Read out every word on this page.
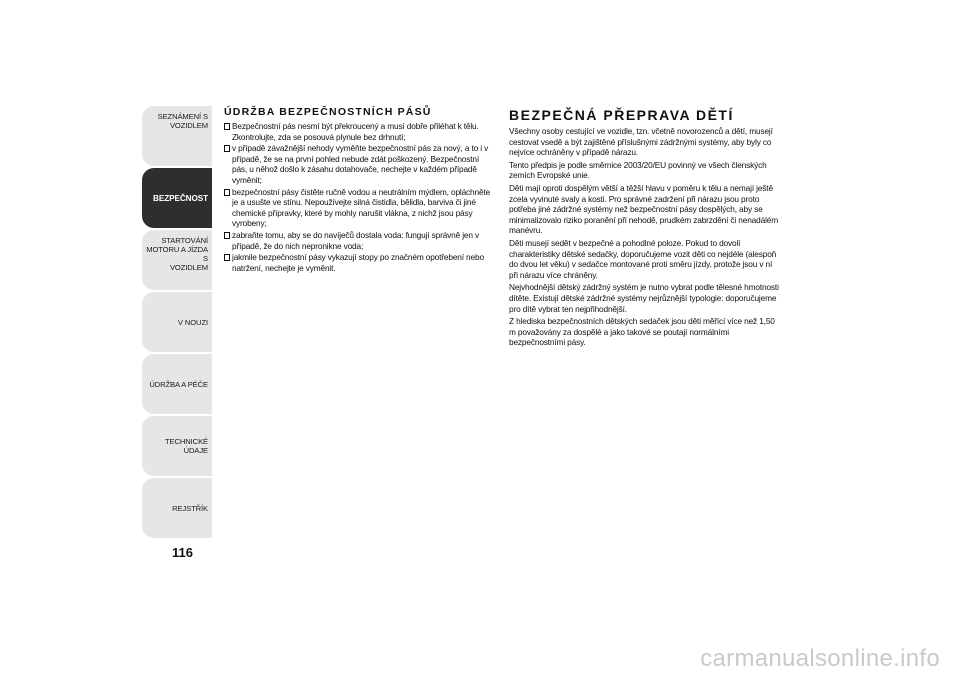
SEZNÁMENÍ S
VOZIDLEM
BEZPEČNOST
STARTOVÁNÍ
MOTORU A JÍZDA S
VOZIDLEM
V NOUZI
ÚDRŽBA A PÉČE
TECHNICKÉ ÚDAJE
REJSTŘÍK
116
ÚDRŽBA BEZPEČNOSTNÍCH PÁSŮ
Bezpečnostní pás nesmí být překroucený a musí dobře přiléhat k tělu. Zkontrolujte, zda se posouvá plynule bez drhnutí;
v případě závažnější nehody vyměňte bezpečnostní pás za nový, a to i v případě, že se na první pohled nebude zdát poškozený. Bezpečnostní pás, u něhož došlo k zásahu dotahovače, nechejte v každém případě vyměnit;
bezpečnostní pásy čistěte ručně vodou a neutrálním mýdlem, opláchněte je a usušte ve stínu. Nepoužívejte silná čistidla, bělidla, barviva či jiné chemické přípravky, které by mohly narušit vlákna, z nichž jsou pásy vyrobeny;
zabraňte tomu, aby se do navíječů dostala voda: fungují správně jen v případě, že do nich nepronikne voda;
jakmile bezpečnostní pásy vykazují stopy po značném opotřebení nebo natržení, nechejte je vyměnit.
BEZPEČNÁ PŘEPRAVA DĚTÍ

Všechny osoby cestující ve vozidle, tzn. včetně novorozenců a dětí, musejí cestovat vsedě a být zajištěné příslušnými zádržnými systémy, aby byly co nejvíce ochráněny v případě nárazu.

Tento předpis je podle směrnice 2003/20/EU povinný ve všech členských zemích Evropské unie.

Děti mají oproti dospělým větší a těžší hlavu v poměru k tělu a nemají ještě zcela vyvinuté svaly a kosti. Pro správné zadržení při nárazu jsou proto potřeba jiné zádržné systémy než bezpečnostní pásy dospělých, aby se minimalizovalo riziko poranění při nehodě, prudkém zabrzdění či nenadálém manévru.

Děti musejí sedět v bezpečné a pohodlné poloze. Pokud to dovolí charakteristiky dětské sedačky, doporučujeme vozit děti co nejdéle (alespoň do dvou let věku) v sedačce montované proti směru jízdy, protože jsou v ní při nárazu více chráněny.

Nejvhodnější dětský zádržný systém je nutno vybrat podle tělesné hmotnosti dítěte. Existují dětské zádržné systémy nejrůznější typologie: doporučujeme pro dítě vybrat ten nejpřihodnější.

Z hlediska bezpečnostních dětských sedaček jsou děti měřící více než 1,50 m považovány za dospělé a jako takové se poutají normálními bezpečnostními pásy.

carmanualsonline.info
